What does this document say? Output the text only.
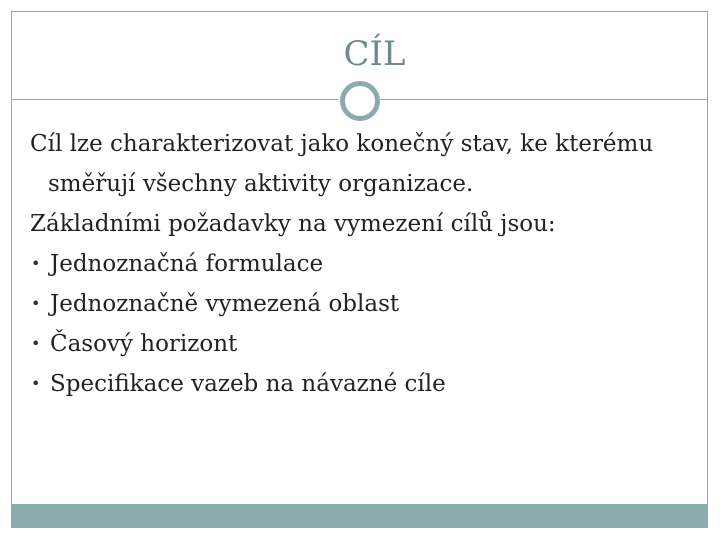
CÍL

Cíl lze charakterizovat jako konečný stav, ke kterému směřují všechny aktivity organizace.

Základními požadavky na vymezení cílů jsou:

• Jednoznačná formulace
• Jednoznačně vymezená oblast
• Časový horizont
• Specifikace vazeb na návazné cíle
